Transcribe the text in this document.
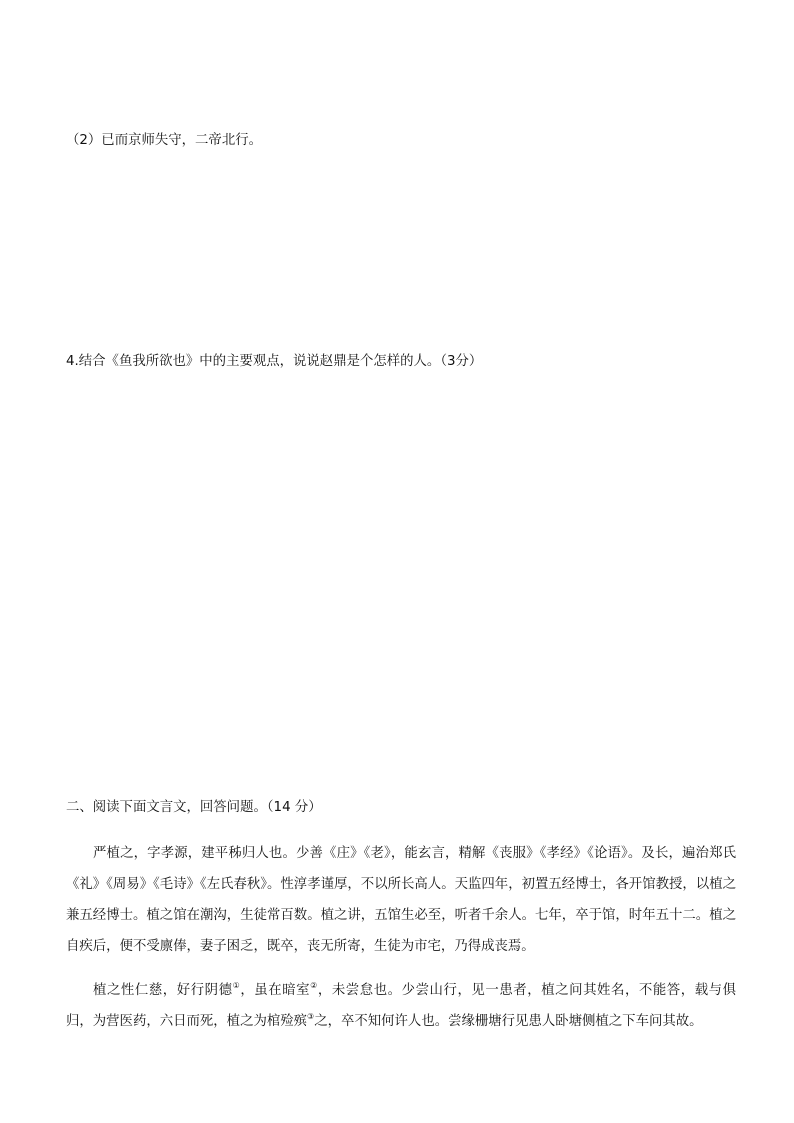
（2）已而京师失守，二帝北行。

4.结合《鱼我所欲也》中的主要观点，说说赵鼎是个怎样的人。（3分）

二、阅读下面文言文，回答问题。（14 分）

严植之，字孝源，建平秭归人也。少善《庄》《老》，能玄言，精解《丧服》《孝经》《论语》。及长，遍治郑氏《礼》《周易》《毛诗》《左氏春秋》。性淳孝谨厚，不以所长高人。天监四年，初置五经博士，各开馆教授，以植之兼五经博士。植之馆在潮沟，生徒常百数。植之讲，五馆生必至，听者千余人。七年，卒于馆，时年五十二。植之自疾后，便不受廪俸，妻子困乏，既卒，丧无所寄，生徒为市宅，乃得成丧焉。

植之性仁慈，好行阴德①，虽在暗室②，未尝怠也。少尝山行，见一患者，植之问其姓名，不能答，载与俱归，为营医药，六日而死，植之为棺殓殡③之，卒不知何许人也。尝缘栅塘行见患人卧塘侧植之下车问其故。
